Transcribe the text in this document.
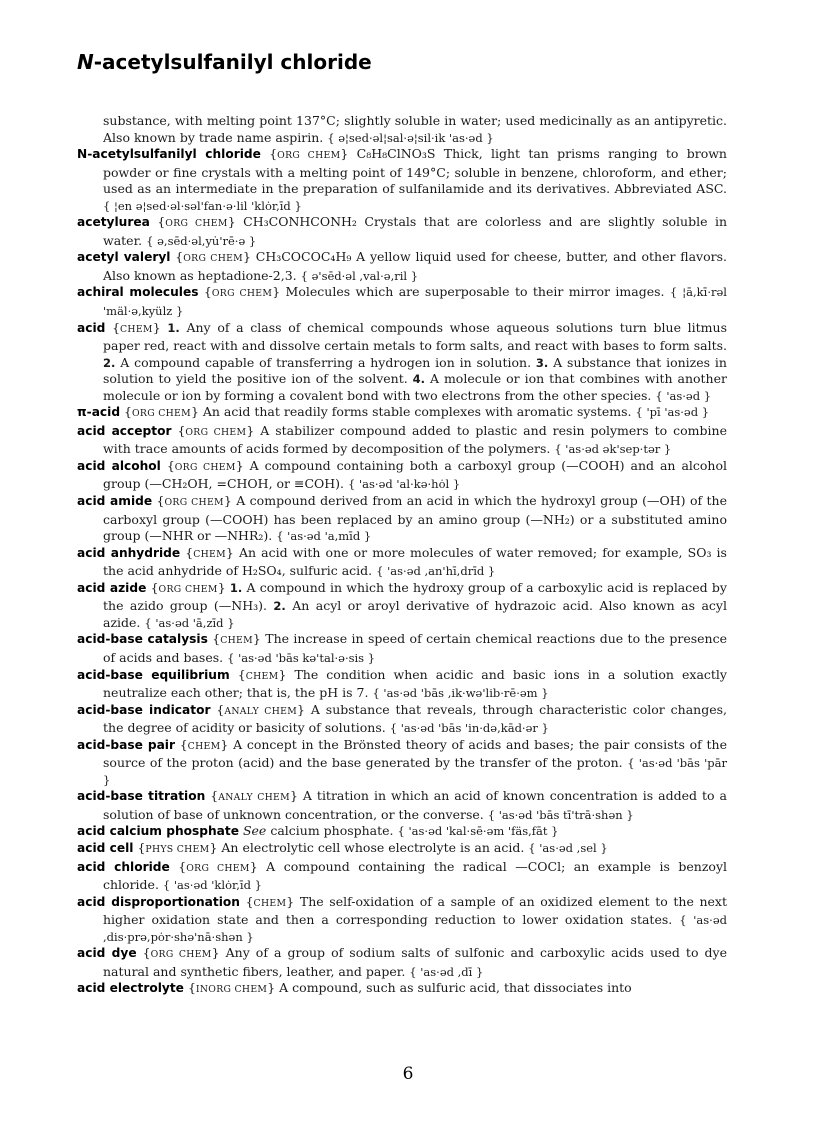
N-acetylsulfanilyl chloride

substance, with melting point 137°C; slightly soluble in water; used medicinally as an antipyretic. Also known by trade name aspirin. { ə¦sed·əl¦sal·ə¦sil·ik 'as·əd }

N-acetylsulfanilyl chloride {ORG CHEM} C₈H₈ClNO₃S Thick, light tan prisms ranging to brown powder or fine crystals with a melting point of 149°C; soluble in benzene, chloroform, and ether; used as an intermediate in the preparation of sulfanilamide and its derivatives. Abbreviated ASC. { ¦en ə¦sed·əl·səl'fan·ə·lil 'klȯr,īd }

acetylurea {ORG CHEM} CH₃CONHCONH₂ Crystals that are colorless and are slightly soluble in water. { ə,sēd·əl,yu̇'rē·ə }

acetyl valeryl {ORG CHEM} CH₃COCOC₄H₉ A yellow liquid used for cheese, butter, and other flavors. Also known as heptadione-2,3. { ə'sēd·əl ,val·ə,ril }

achiral molecules {ORG CHEM} Molecules which are superposable to their mirror images. { ¦ā,kī·rəl 'mäl·ə,kyülz }

acid {CHEM} 1. Any of a class of chemical compounds whose aqueous solutions turn blue litmus paper red, react with and dissolve certain metals to form salts, and react with bases to form salts. 2. A compound capable of transferring a hydrogen ion in solution. 3. A substance that ionizes in solution to yield the positive ion of the solvent. 4. A molecule or ion that combines with another molecule or ion by forming a covalent bond with two electrons from the other species. { 'as·əd }

π-acid {ORG CHEM} An acid that readily forms stable complexes with aromatic systems. { 'pī 'as·əd }

acid acceptor {ORG CHEM} A stabilizer compound added to plastic and resin polymers to combine with trace amounts of acids formed by decomposition of the polymers. { 'as·əd ək'sep·tər }

acid alcohol {ORG CHEM} A compound containing both a carboxyl group (—COOH) and an alcohol group (—CH₂OH, =CHOH, or ≡COH). { 'as·əd 'al·kə·hȯl }

acid amide {ORG CHEM} A compound derived from an acid in which the hydroxyl group (—OH) of the carboxyl group (—COOH) has been replaced by an amino group (—NH₂) or a substituted amino group (—NHR or —NHR₂). { 'as·əd 'a,mīd }

acid anhydride {CHEM} An acid with one or more molecules of water removed; for example, SO₃ is the acid anhydride of H₂SO₄, sulfuric acid. { 'as·əd ,an'hī,drīd }

acid azide {ORG CHEM} 1. A compound in which the hydroxy group of a carboxylic acid is replaced by the azido group (—NH₃). 2. An acyl or aroyl derivative of hydrazoic acid. Also known as acyl azide. { 'as·əd 'ā,zīd }

acid-base catalysis {CHEM} The increase in speed of certain chemical reactions due to the presence of acids and bases. { 'as·əd 'bās kə'tal·ə·sis }

acid-base equilibrium {CHEM} The condition when acidic and basic ions in a solution exactly neutralize each other; that is, the pH is 7. { 'as·əd 'bās ,ik·wə'lib·rē·əm }

acid-base indicator {ANALY CHEM} A substance that reveals, through characteristic color changes, the degree of acidity or basicity of solutions. { 'as·əd 'bās 'in·də,kād·ər }

acid-base pair {CHEM} A concept in the Brönsted theory of acids and bases; the pair consists of the source of the proton (acid) and the base generated by the transfer of the proton. { 'as·əd 'bās 'pār }

acid-base titration {ANALY CHEM} A titration in which an acid of known concentration is added to a solution of base of unknown concentration, or the converse. { 'as·əd 'bās tī'trā·shən }

acid calcium phosphate See calcium phosphate. { 'as·əd 'kal·sē·əm 'fäs,fāt }

acid cell {PHYS CHEM} An electrolytic cell whose electrolyte is an acid. { 'as·əd ,sel }

acid chloride {ORG CHEM} A compound containing the radical —COCl; an example is benzoyl chloride. { 'as·əd 'klȯr,īd }

acid disproportionation {CHEM} The self-oxidation of a sample of an oxidized element to the next higher oxidation state and then a corresponding reduction to lower oxidation states. { 'as·əd ,dis·prə,pȯr·shə'nā·shən }

acid dye {ORG CHEM} Any of a group of sodium salts of sulfonic and carboxylic acids used to dye natural and synthetic fibers, leather, and paper. { 'as·əd ,dī }

acid electrolyte {INORG CHEM} A compound, such as sulfuric acid, that dissociates into

6
